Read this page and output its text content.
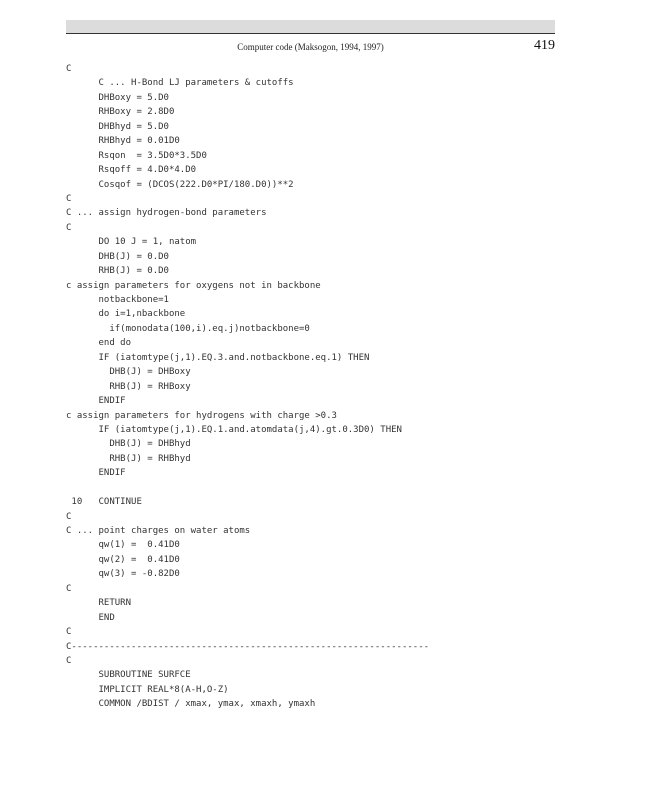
Computer code (Maksogon, 1994, 1997)	419
C
C ... H-Bond LJ parameters & cutoffs
DHBoxy = 5.D0
RHBoxy = 2.8D0
DHBhyd = 5.D0
RHBhyd = 0.01D0
Rsqon  = 3.5D0*3.5D0
Rsqoff = 4.D0*4.D0
Cosqof = (DCOS(222.D0*PI/180.D0))**2
C
C ... assign hydrogen-bond parameters
C
DO 10 J = 1, natom
DHB(J) = 0.D0
RHB(J) = 0.D0
c assign parameters for oxygens not in backbone
notbackbone=1
do i=1,nbackbone
if(monodata(100,i).eq.j)notbackbone=0
end do
IF (iatomtype(j,1).EQ.3.and.notbackbone.eq.1) THEN
DHB(J) = DHBoxy
RHB(J) = RHBoxy
ENDIF
c assign parameters for hydrogens with charge >0.3
IF (iatomtype(j,1).EQ.1.and.atomdata(j,4).gt.0.3D0) THEN
DHB(J) = DHBhyd
RHB(J) = RHBhyd
ENDIF
10   CONTINUE
C
C ... point charges on water atoms
qw(1) =  0.41D0
qw(2) =  0.41D0
qw(3) = -0.82D0
C
RETURN
END
C
C------------------------------------------------------------------
C
SUBROUTINE SURFCE
IMPLICIT REAL*8(A-H,O-Z)
COMMON /BDIST / xmax, ymax, xmaxh, ymaxh
